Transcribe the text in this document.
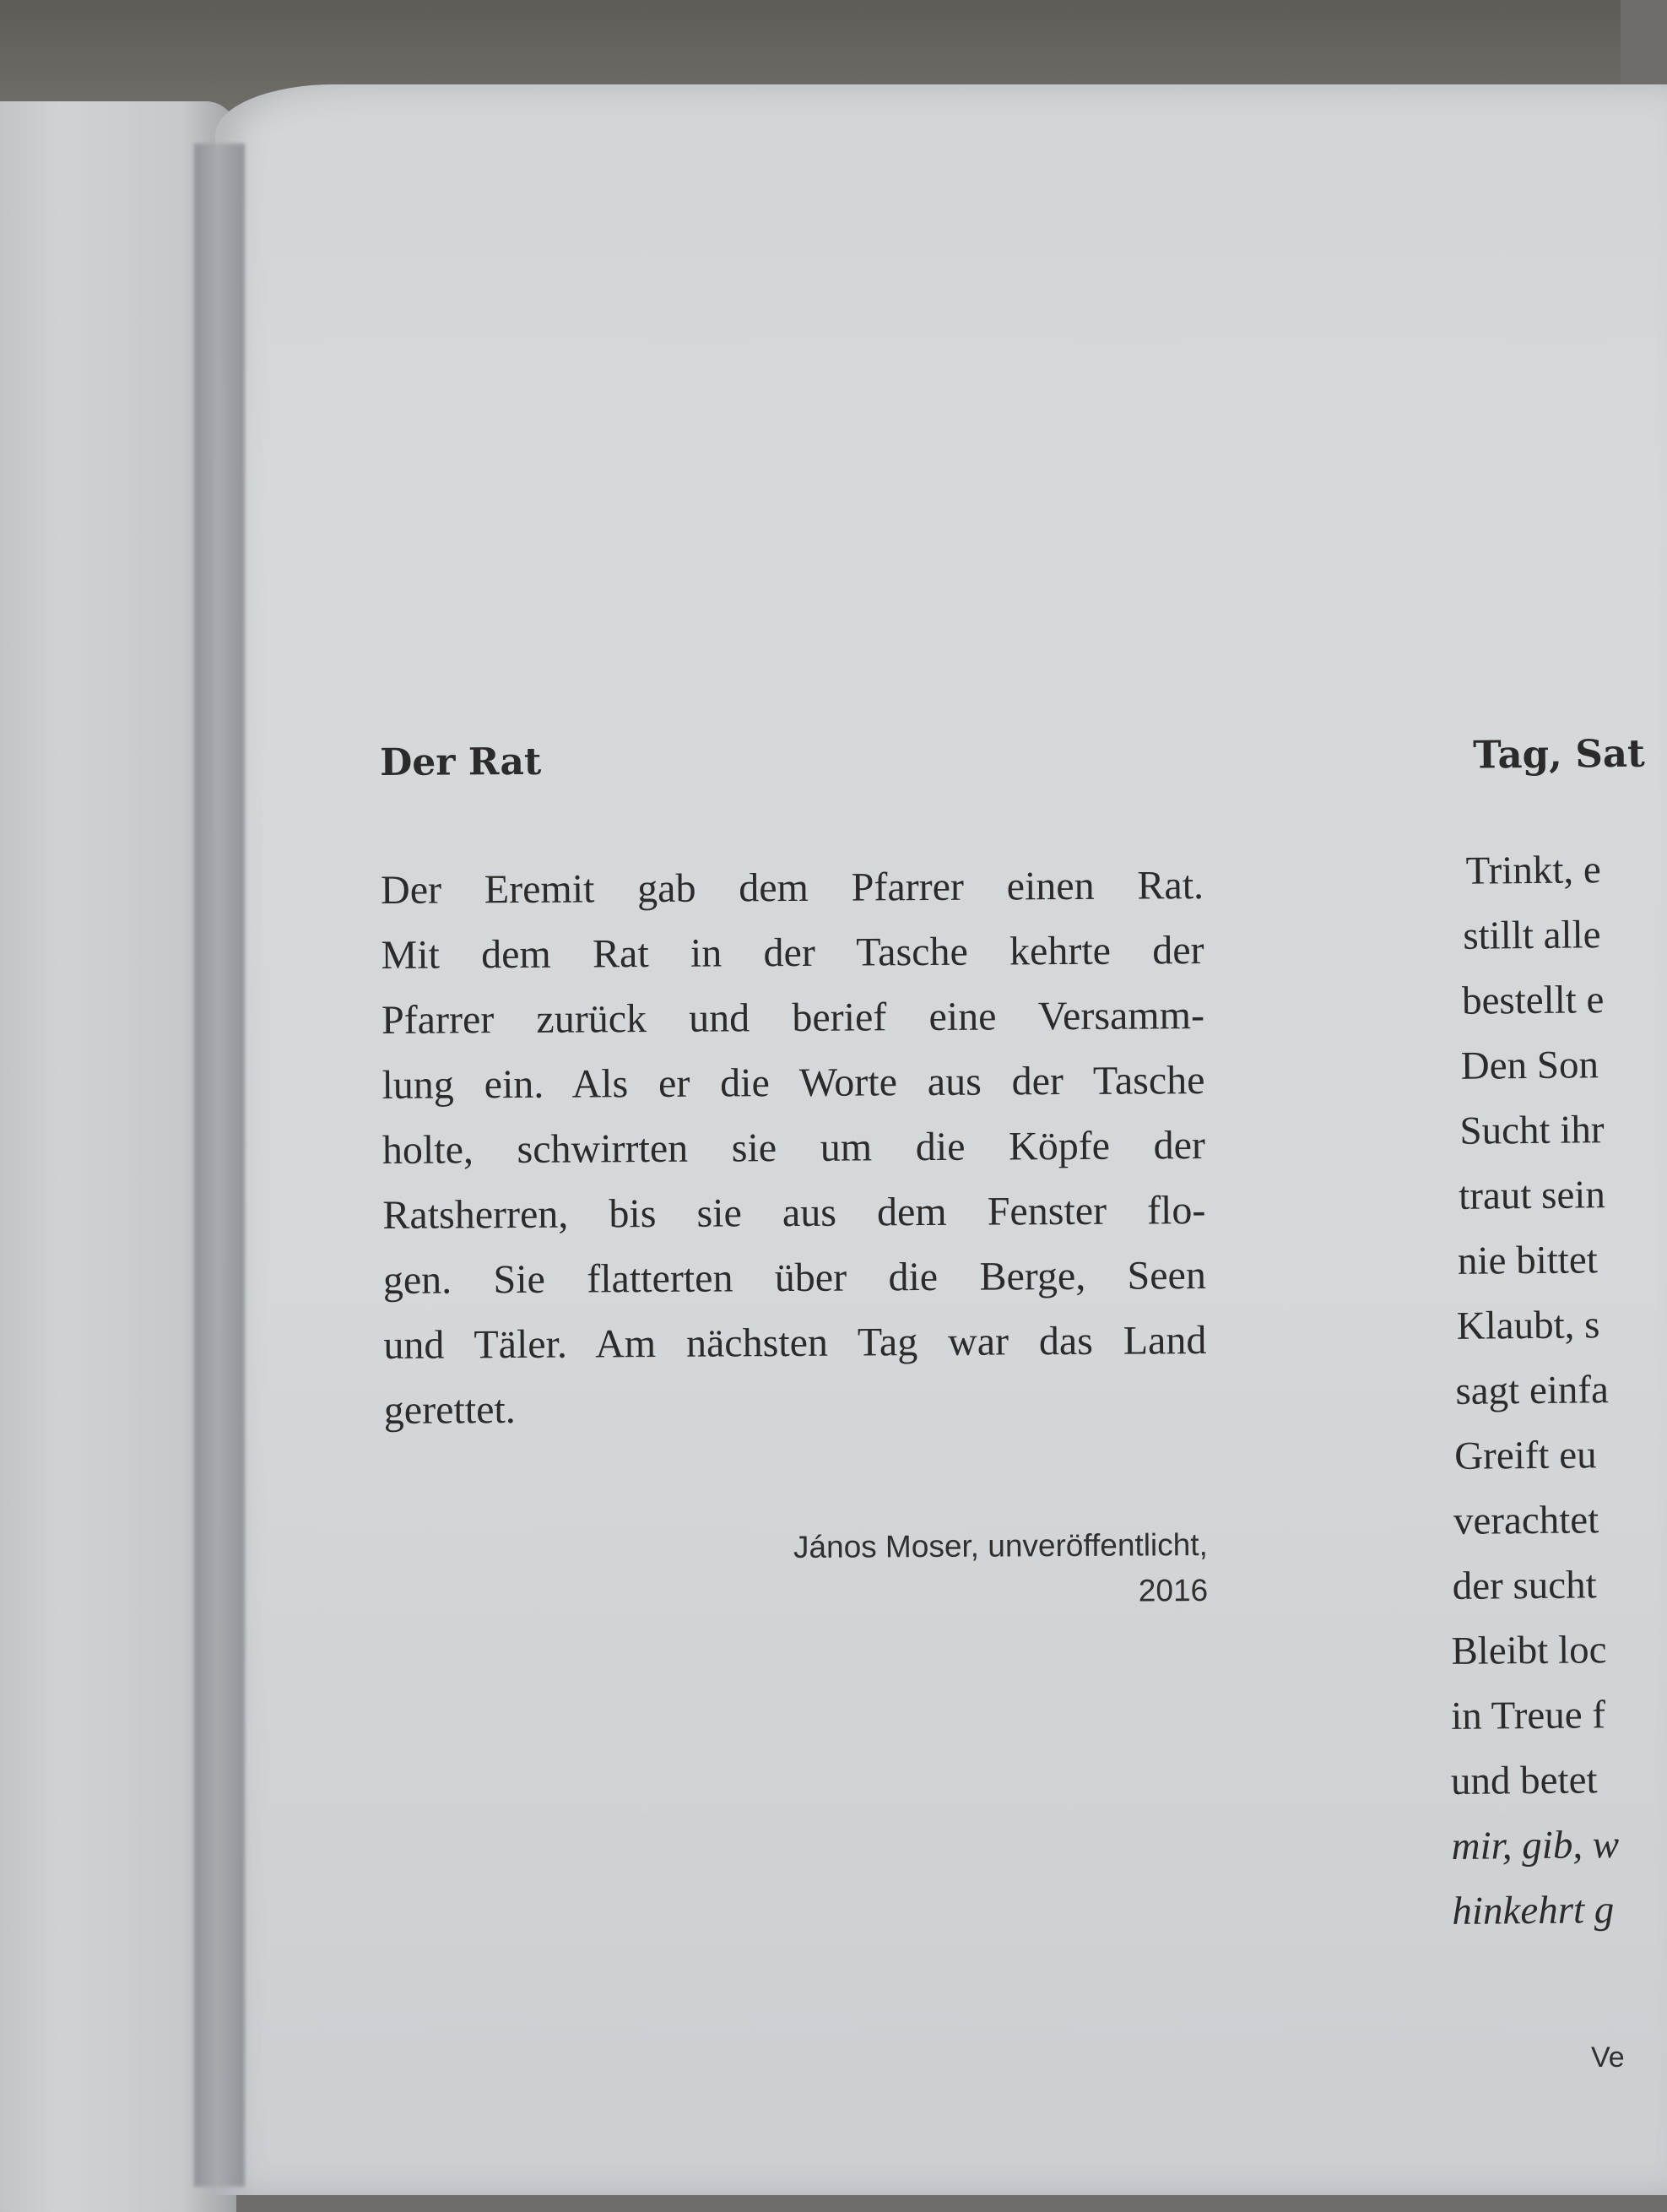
Der Rat
Der Eremit gab dem Pfarrer einen Rat.
Mit dem Rat in der Tasche kehrte der
Pfarrer zurück und berief eine Versamm-
lung ein. Als er die Worte aus der Tasche
holte, schwirrten sie um die Köpfe der
Ratsherren, bis sie aus dem Fenster flo-
gen. Sie flatterten über die Berge, Seen
und Täler. Am nächsten Tag war das Land
gerettet.
János Moser, unveröffentlicht,
2016
Tag, Sat
Trinkt, e
stillt alle
bestellt e
Den Son
Sucht ihr
traut sein
nie bittet
Klaubt, s
sagt einfa
Greift eu
verachtet
der sucht
Bleibt loc
in Treue f
und betet
mir, gib, w
hinkehrt g
Ve
